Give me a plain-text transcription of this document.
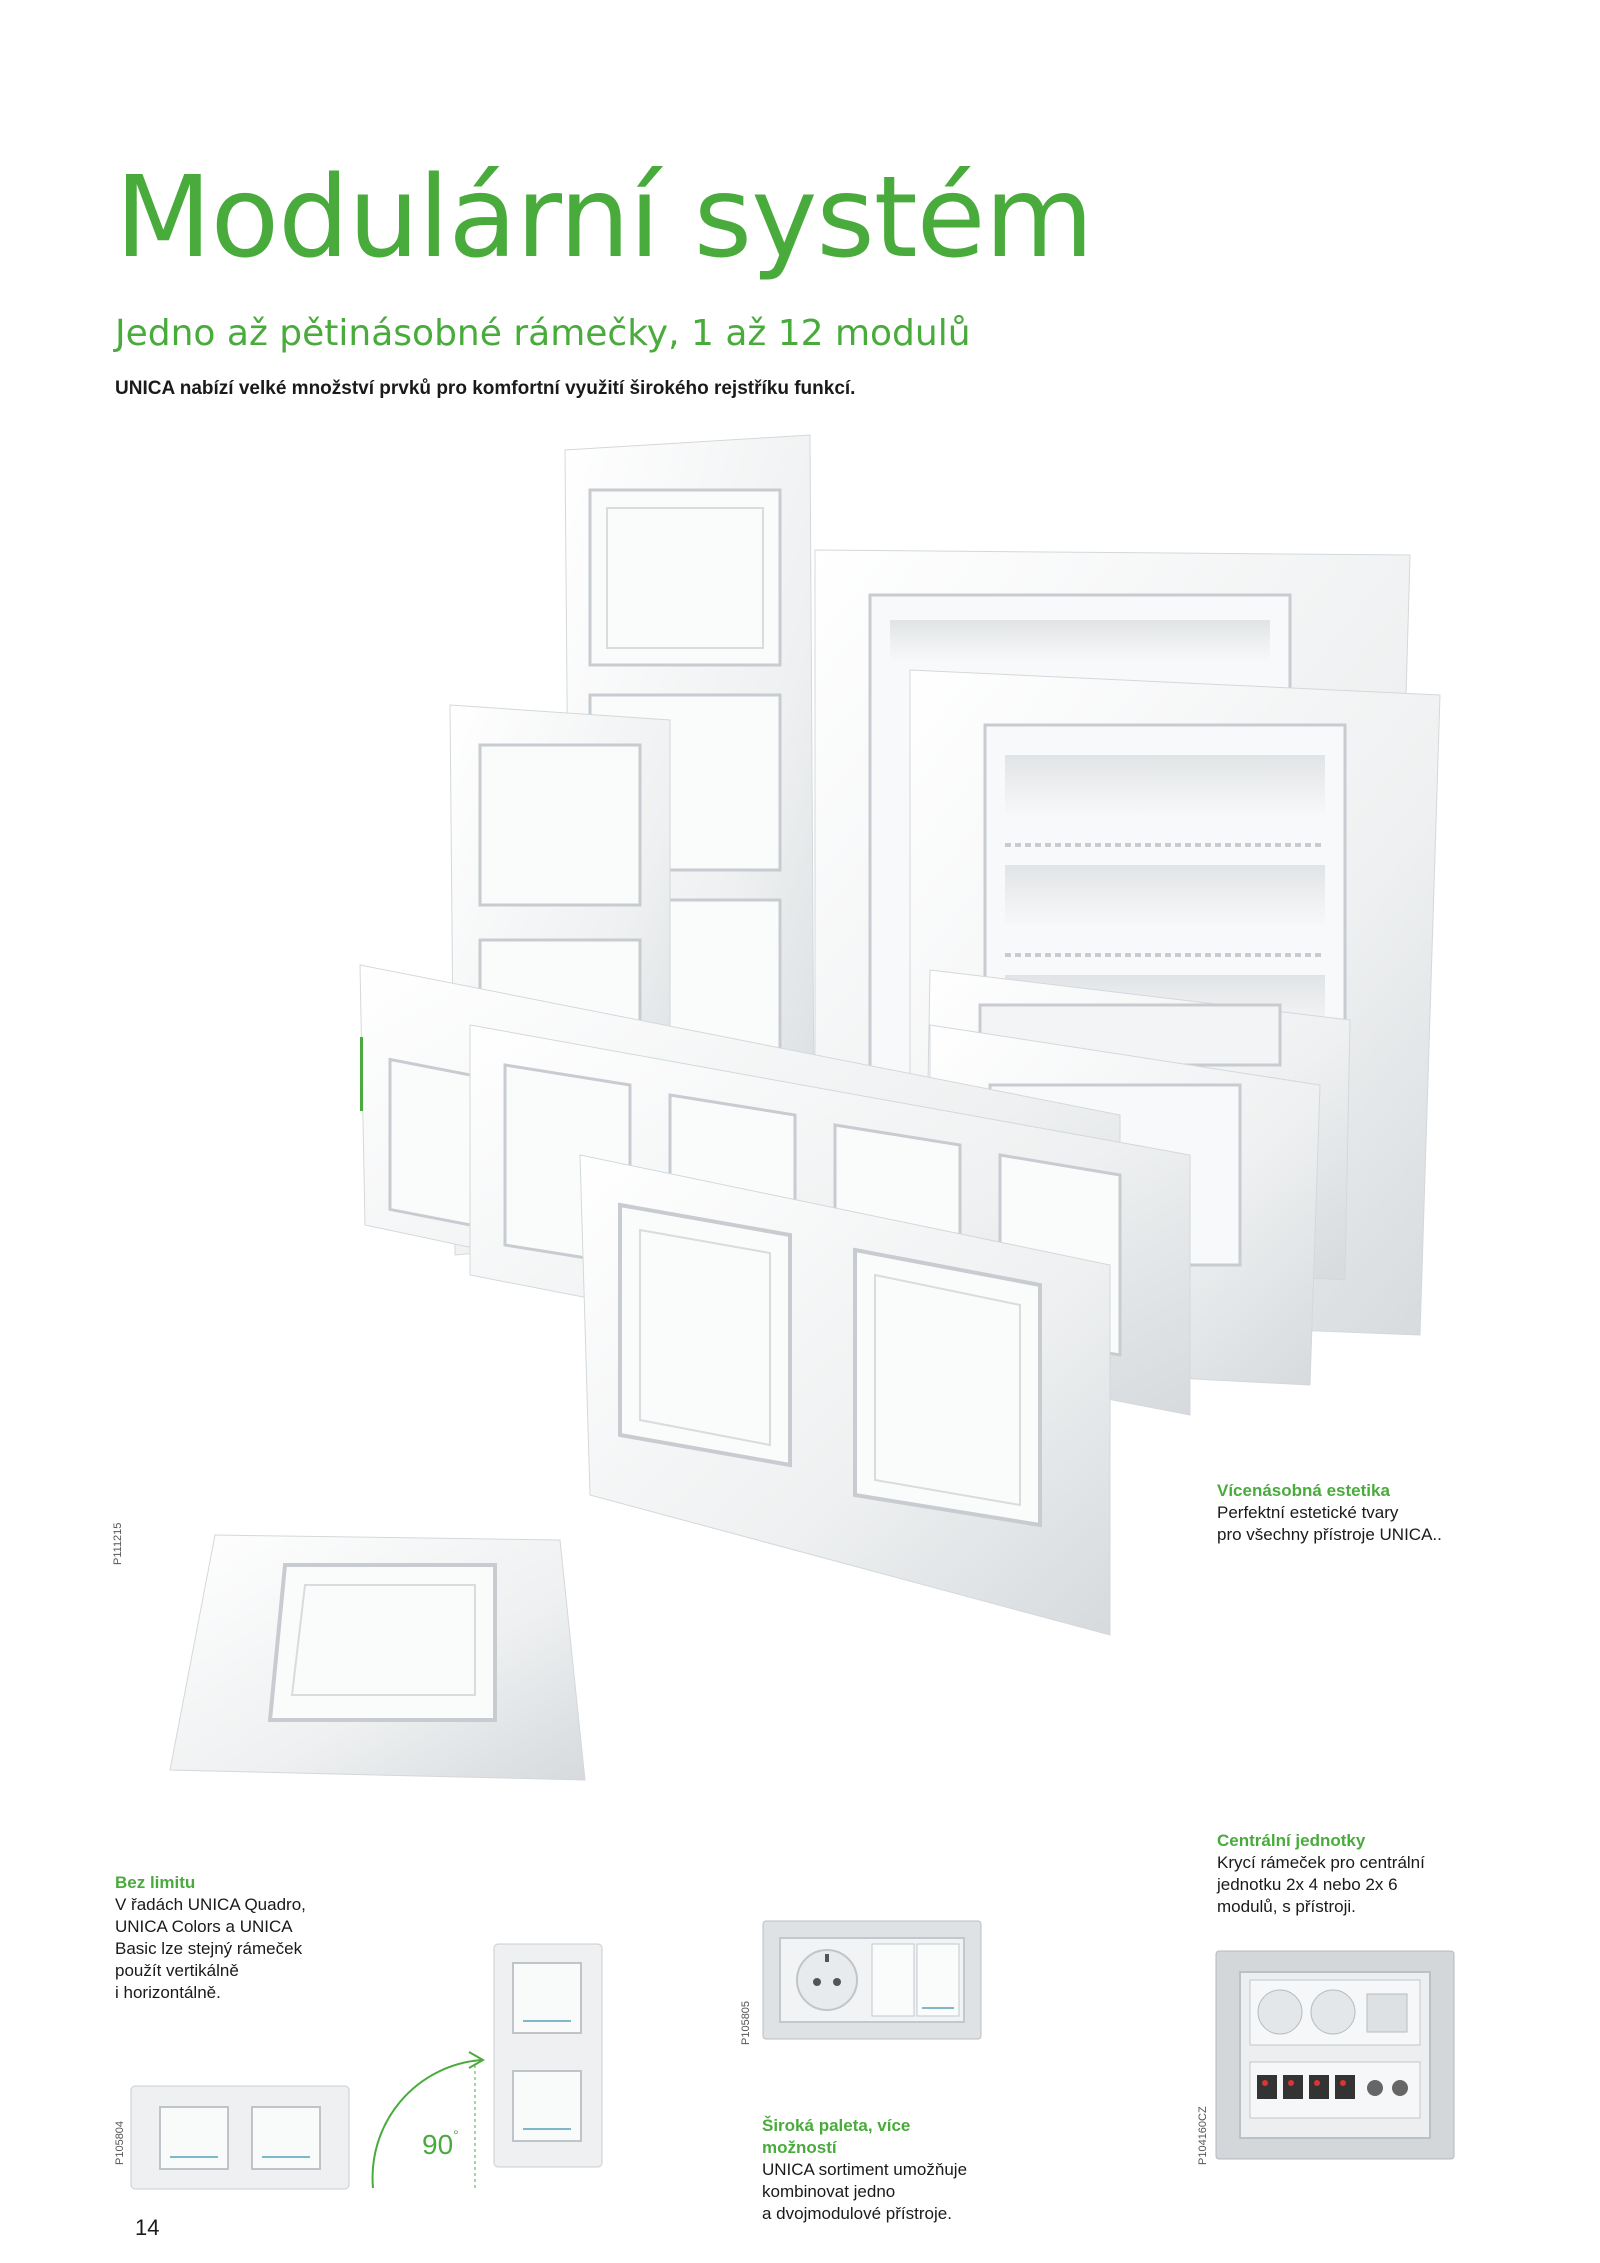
Modulární systém
Jedno až pětinásobné rámečky, 1 až 12 modulů
UNICA nabízí velké množství prvků pro komfortní využití širokého rejstříku funkcí.
P111215
Vícenásobná estetika
Perfektní estetické tvary
pro všechny přístroje UNICA..
Centrální jednotky
Krycí rámeček pro centrální
jednotku 2x 4 nebo 2x 6
modulů, s přístroji.
Bez limitu
V řadách UNICA Quadro,
UNICA Colors a UNICA
Basic lze stejný rámeček
použít vertikálně
i horizontálně.
Široká paleta, více
možností
UNICA sortiment umožňuje
kombinovat jedno
a dvojmodulové přístroje.
P105804	90°
P105805
P104160CZ
14
